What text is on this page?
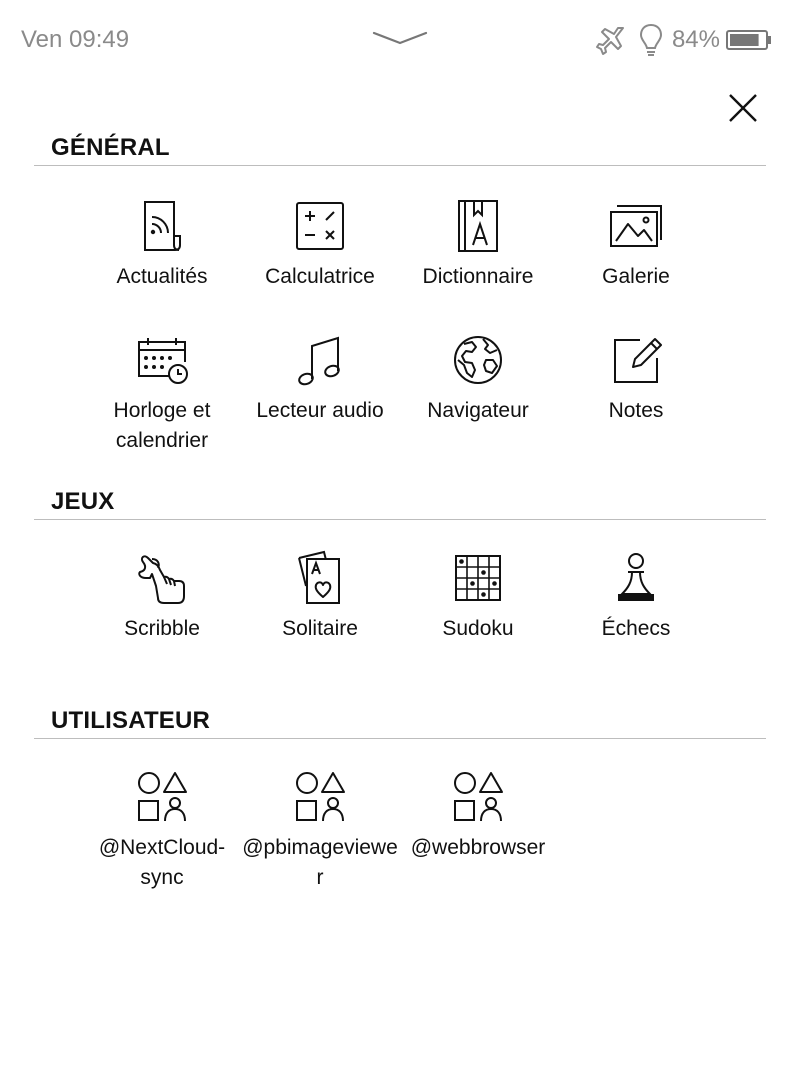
Ven 09:49	84%
GÉNÉRAL
Actualités	Calculatrice	Dictionnaire	Galerie
Horloge et calendrier
Lecteur audio	Navigateur	Notes
JEUX
Scribble	Solitaire	Sudoku	Échecs
UTILISATEUR
@NextCloud-sync
@pbimageviewer
@webbrowser
